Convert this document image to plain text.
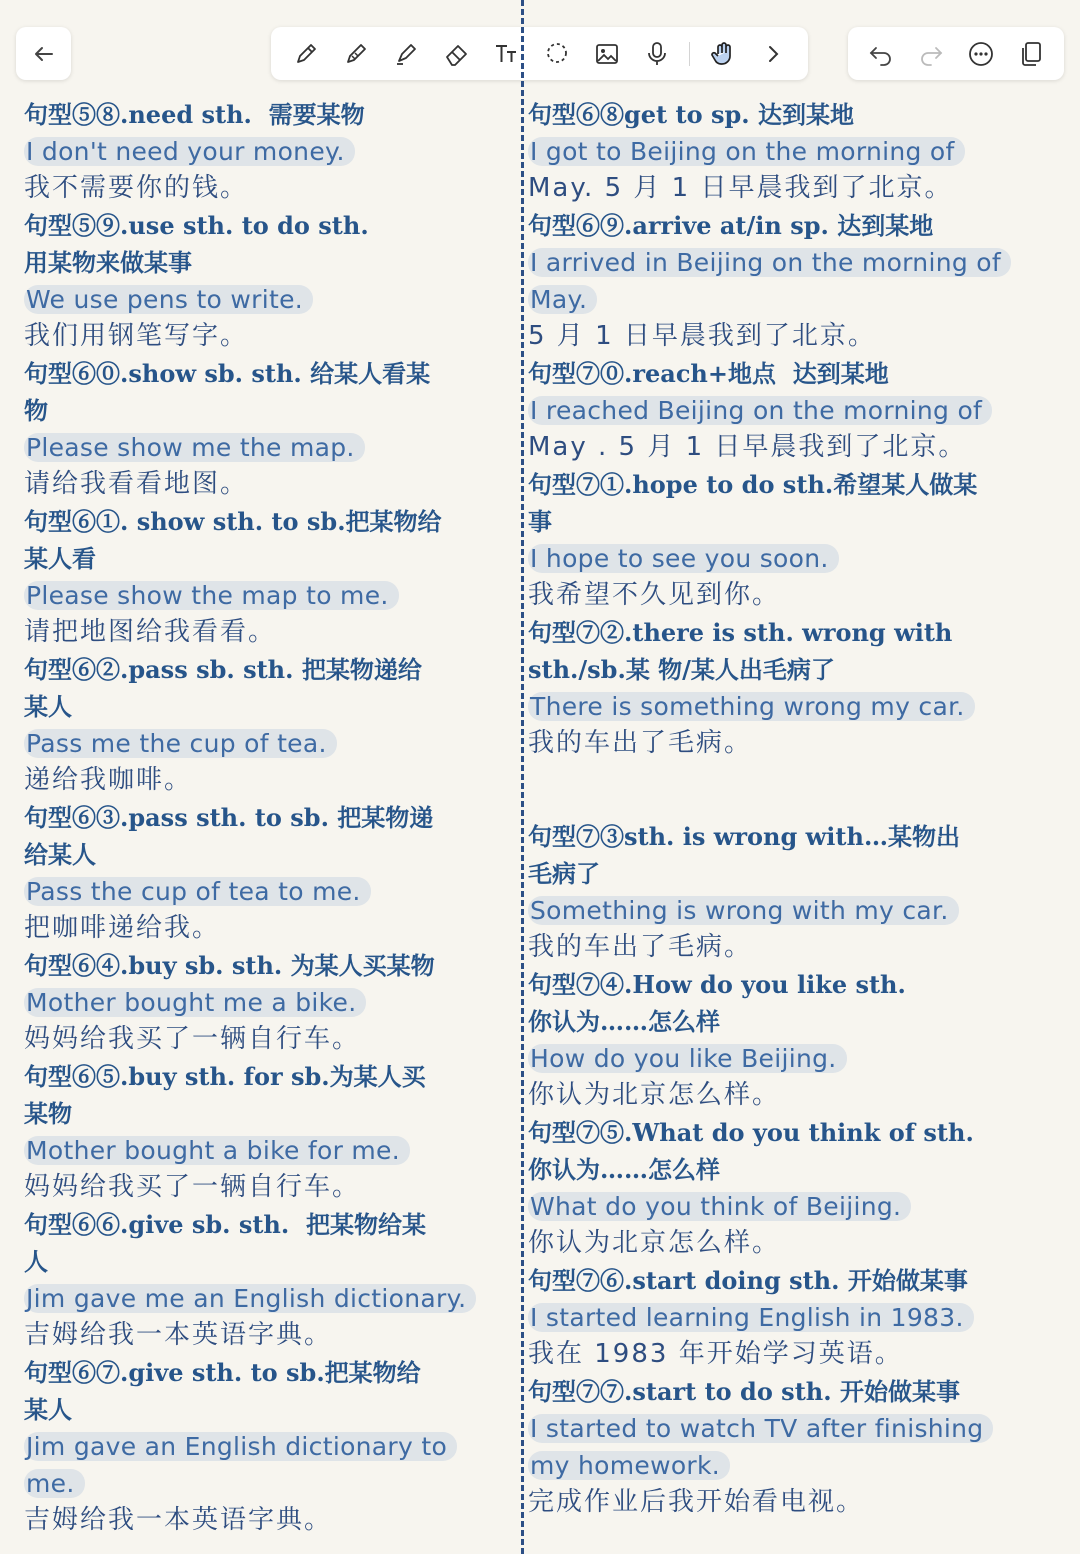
句型⑤⑧.need sth.  需要某物
I don't need your money.
我不需要你的钱。
句型⑤⑨.use sth. to do sth.
用某物来做某事
We use pens to write.
我们用钢笔写字。
句型⑥⓪.show sb. sth. 给某人看某
物
Please show me the map.
请给我看看地图。
句型⑥①. show sth. to sb.把某物给
某人看
Please show the map to me.
请把地图给我看看。
句型⑥②.pass sb. sth. 把某物递给
某人
Pass me the cup of tea.
递给我咖啡。
句型⑥③.pass sth. to sb. 把某物递
给某人
Pass the cup of tea to me.
把咖啡递给我。
句型⑥④.buy sb. sth. 为某人买某物
Mother bought me a bike.
妈妈给我买了一辆自行车。
句型⑥⑤.buy sth. for sb.为某人买
某物
Mother bought a bike for me.
妈妈给我买了一辆自行车。
句型⑥⑥.give sb. sth.  把某物给某
人
Jim gave me an English dictionary.
吉姆给我一本英语字典。
句型⑥⑦.give sth. to sb.把某物给
某人
Jim gave an English dictionary to
me.
吉姆给我一本英语字典。
句型⑥⑧get to sp. 达到某地
I got to Beijing on the morning of
May. 5 月 1 日早晨我到了北京。
句型⑥⑨.arrive at/in sp. 达到某地
I arrived in Beijing on the morning of
May.
5 月 1 日早晨我到了北京。
句型⑦⓪.reach+地点  达到某地
I reached Beijing on the morning of
May . 5 月 1 日早晨我到了北京。
句型⑦①.hope to do sth.希望某人做某
事
I hope to see you soon.
我希望不久见到你。
句型⑦②.there is sth. wrong with
sth./sb.某 物/某人出毛病了
There is something wrong my car.
我的车出了毛病。
句型⑦③sth. is wrong with…某物出
毛病了
Something is wrong with my car.
我的车出了毛病。
句型⑦④.How do you like sth.
你认为……怎么样
How do you like Beijing.
你认为北京怎么样。
句型⑦⑤.What do you think of sth.
你认为……怎么样
What do you think of Beijing.
你认为北京怎么样。
句型⑦⑥.start doing sth. 开始做某事
I started learning English in 1983.
我在 1983 年开始学习英语。
句型⑦⑦.start to do sth. 开始做某事
I started to watch TV after finishing
my homework.
完成作业后我开始看电视。
